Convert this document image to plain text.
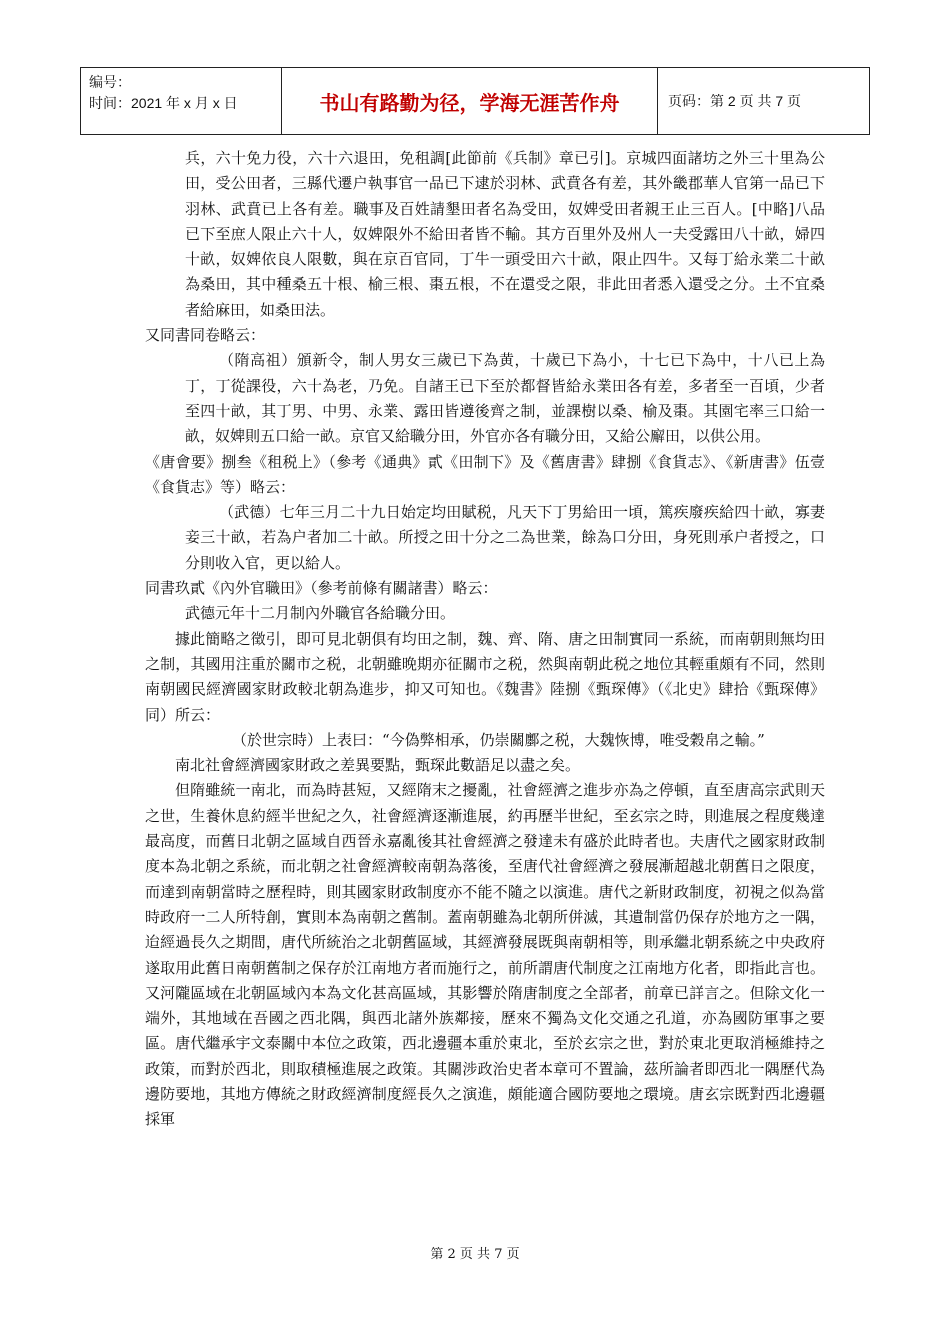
编号：
时间：2021 年 x 月 x 日	书山有路勤为径，学海无涯苦作舟	页码：第 2 页 共 7 页

兵，六十免力役，六十六退田，免租調[此節前《兵制》章已引]。京城四面諸坊之外三十里為公田，受公田者，三縣代遷户執事官一品已下逮於羽林、武賁各有差，其外畿郡華人官第一品已下羽林、武賁已上各有差。職事及百姓請墾田者名為受田，奴婢受田者親王止三百人。[中略]八品已下至庶人限止六十人，奴婢限外不給田者皆不輸。其方百里外及州人一夫受露田八十畝，婦四十畝，奴婢依良人限數，與在京百官同，丁牛一頭受田六十畝，限止四牛。又每丁給永業二十畝為桑田，其中種桑五十根、榆三根、棗五根，不在還受之限，非此田者悉入還受之分。土不宜桑者給麻田，如桑田法。

又同書同卷略云：

（隋高祖）頒新令，制人男女三歲已下為黄，十歲已下為小，十七已下為中，十八已上為丁，丁從課役，六十為老，乃免。自諸王已下至於都督皆給永業田各有差，多者至一百頃，少者至四十畝，其丁男、中男、永業、露田皆遵後齊之制，並課樹以桑、榆及棗。其園宅率三口給一畝，奴婢則五口給一畝。京官又給職分田，外官亦各有職分田，又給公廨田，以供公用。

《唐會要》捌叁《租税上》（參考《通典》貳《田制下》及《舊唐書》肆捌《食貨志》、《新唐書》伍壹《食貨志》等）略云：

（武德）七年三月二十九日始定均田賦税，凡天下丁男給田一頃，篤疾廢疾給四十畝，寡妻妾三十畝，若為户者加二十畝。所授之田十分之二為世業，餘為口分田，身死則承户者授之，口分則收入官，更以給人。

同書玖貳《內外官職田》（參考前條有關諸書）略云：

武德元年十二月制內外職官各給職分田。

據此簡略之徵引，即可見北朝俱有均田之制，魏、齊、隋、唐之田制實同一系統，而南朝則無均田之制，其國用注重於關市之税，北朝雖晚期亦征關市之税，然與南朝此税之地位其輕重頗有不同，然則南朝國民經濟國家財政較北朝為進步，抑又可知也。《魏書》陸捌《甄琛傳》（《北史》肆拾《甄琛傳》同）所云：

（於世宗時）上表曰：“今偽弊相承，仍崇關鄽之税，大魏恢博，唯受穀帛之輸。”

南北社會經濟國家財政之差異要點，甄琛此數語足以盡之矣。

但隋雖統一南北，而為時甚短，又經隋末之擾亂，社會經濟之進步亦為之停頓，直至唐高宗武則天之世，生養休息約經半世紀之久，社會經濟逐漸進展，約再歷半世紀，至玄宗之時，則進展之程度幾達最高度，而舊日北朝之區域自西晉永嘉亂後其社會經濟之發達未有盛於此時者也。夫唐代之國家財政制度本為北朝之系統，而北朝之社會經濟較南朝為落後，至唐代社會經濟之發展漸超越北朝舊日之限度，而達到南朝當時之歷程時，則其國家財政制度亦不能不隨之以演進。唐代之新財政制度，初視之似為當時政府一二人所特創，實則本為南朝之舊制。蓋南朝雖為北朝所併滅，其遺制當仍保存於地方之一隅，迨經過長久之期間，唐代所統治之北朝舊區域，其經濟發展既與南朝相等，則承繼北朝系統之中央政府遂取用此舊日南朝舊制之保存於江南地方者而施行之，前所謂唐代制度之江南地方化者，即指此言也。又河隴區域在北朝區域內本為文化甚高區域，其影響於隋唐制度之全部者，前章已詳言之。但除文化一端外，其地域在吾國之西北隅，與西北諸外族鄰接，歷來不獨為文化交通之孔道，亦為國防軍事之要區。唐代繼承宇文泰關中本位之政策，西北邊疆本重於東北，至於玄宗之世，對於東北更取消極維持之政策，而對於西北，則取積極進展之政策。其關涉政治史者本章可不置論，茲所論者即西北一隅歷代為邊防要地，其地方傳統之財政經濟制度經長久之演進，頗能適合國防要地之環境。唐玄宗既對西北邊疆採軍

第 2 页 共 7 页
